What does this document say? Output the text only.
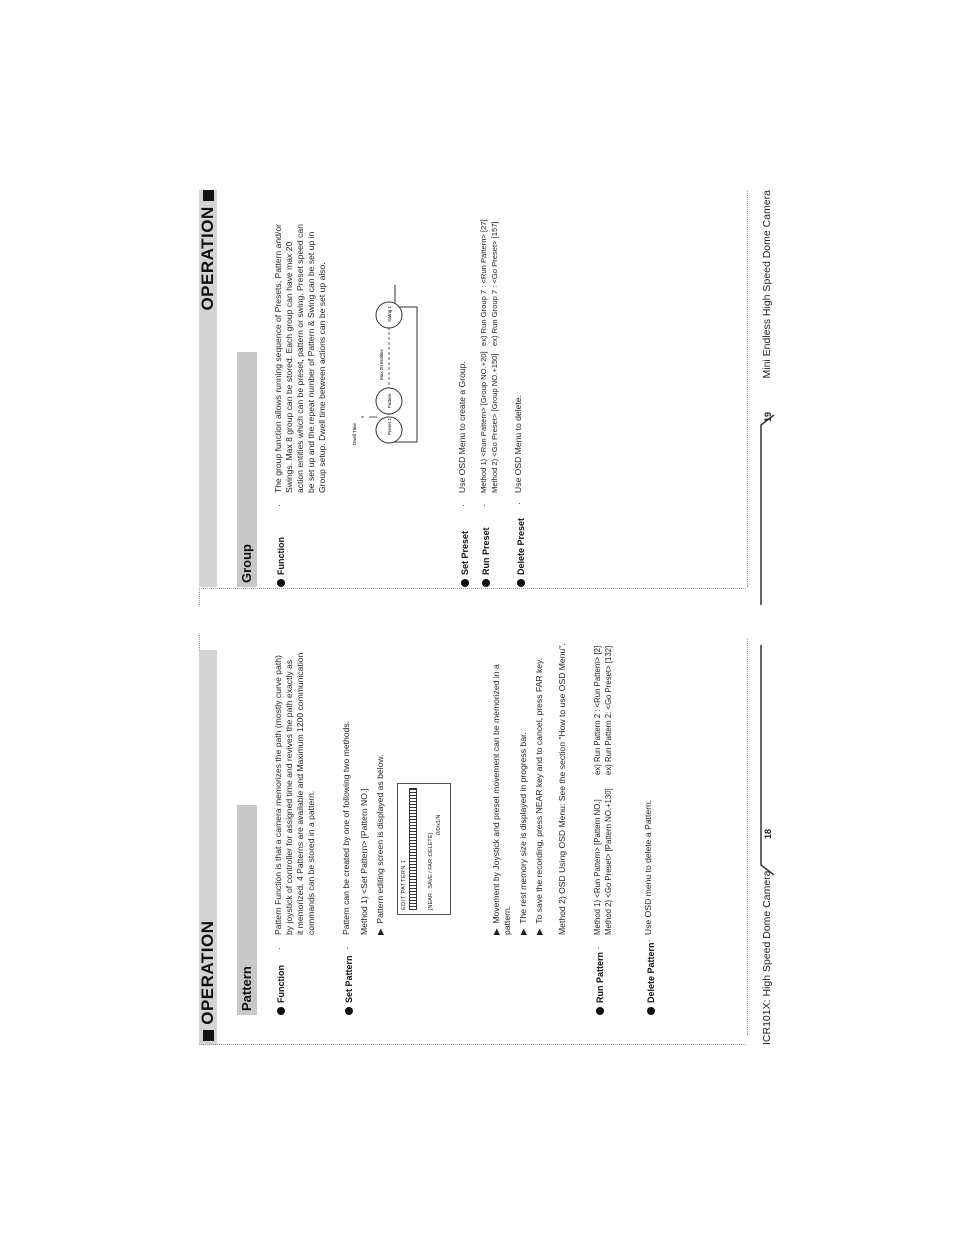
OPERATION Pattern	Function
·

Pattern Function is that a camera memorizes the path (mostly curve path) by joystick of controller for assigned time and revives the path exactly as it memorized. 4 Patterns are available and Maximum 1200 communication commands can be stored in a pattern.

Set Pattern
·
Pattern can be created by one of following two methods. Method 1) <Set Pattern> [Pattern NO.] ▶  Pattern editing screen is displayed as below.	EDIT PATTERN 1	[NEAR : SAVE / FAR :DELETE]
0/0/x1/N

▶  Movement by Joystick and preset movement can be memorized in a pattern. ▶  The rest memory size is displayed in progress bar.

▶  To save the recording, press NEAR key and to cancel, press FAR key. Method 2) OSD Using OSD Menu: See the section "How to use OSD Menu".
Run Pattern
·

Method 1) <Run Pattern> [Pattern NO.]ex) Run Pattern 2 : <Run Pattern> [2]

Method 2) <Go Preset> [Pattern NO.+130]ex) Run Pattern 2: <Go Preset> [132]

Delete Pattern
·
Use OSD menu to delete a Pattern.
ICR101X: High Speed Dome Camera
18
OPERATION
Group	Function
·

The group function allows running sequence of Presets, Pattern and/or Swings. Max 8 group can be stored. Each group can have max 20 action entities which can be preset, pattern or swing. Preset speed can be set up and the repeat number of Pattern & Swing can be set up in Group setup. Dwell time between actions can be set up also.	Preset 1
Pattern
Swing 1
Dwell Time
Max 20 Entities
Set Preset
·
Use OSD Menu to create a Group.
Run Preset
·

Method 1) <Run Pattern> [Group NO.+20]ex) Run Group 7 : <Run Pattern> [27]

Method 2) <Go Preset> [Group NO.+150]ex) Run Group 7 : <Go Preset> [157]

Delete Preset
·
Use OSD Menu to delete.	19
Mini Endless High Speed Dome Camera
